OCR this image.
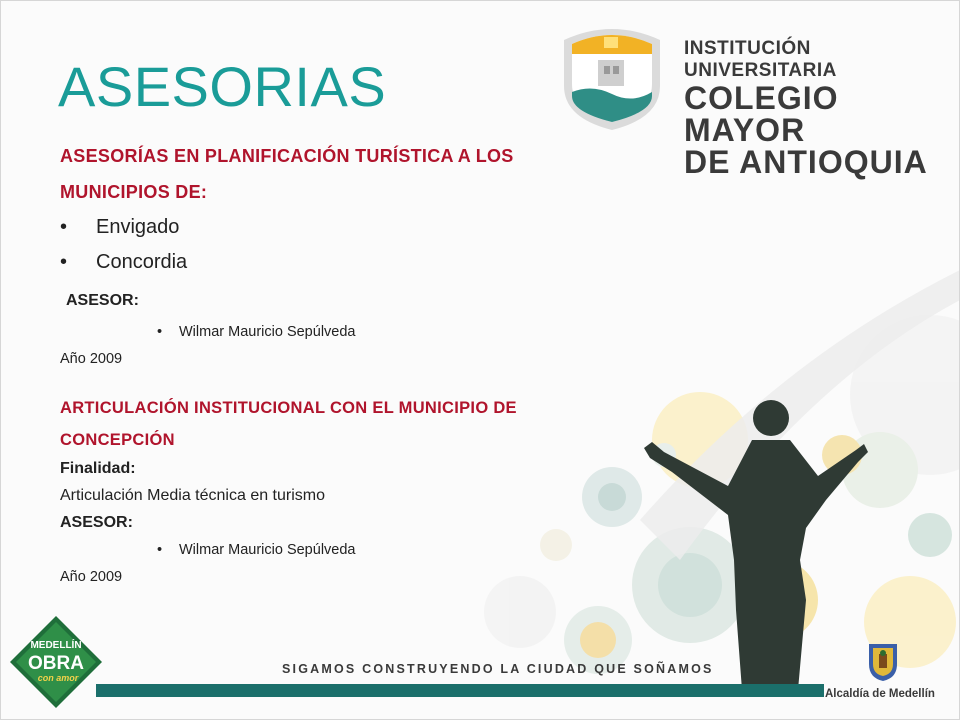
ASESORIAS
INSTITUCIÓN UNIVERSITARIA
COLEGIO MAYOR
DE ANTIOQUIA
ASESORÍAS EN PLANIFICACIÓN TURÍSTICA A LOS
MUNICIPIOS DE:
• Envigado
• Concordia
ASESOR:
• Wilmar Mauricio Sepúlveda
Año 2009
ARTICULACIÓN INSTITUCIONAL CON EL MUNICIPIO DE
CONCEPCIÓN
Finalidad:
Articulación Media técnica en turismo
ASESOR:
• Wilmar Mauricio Sepúlveda
Año 2009
MEDELLÍN
OBRA
con amor
SIGAMOS CONSTRUYENDO LA CIUDAD QUE SOÑAMOS
Alcaldía de Medellín
